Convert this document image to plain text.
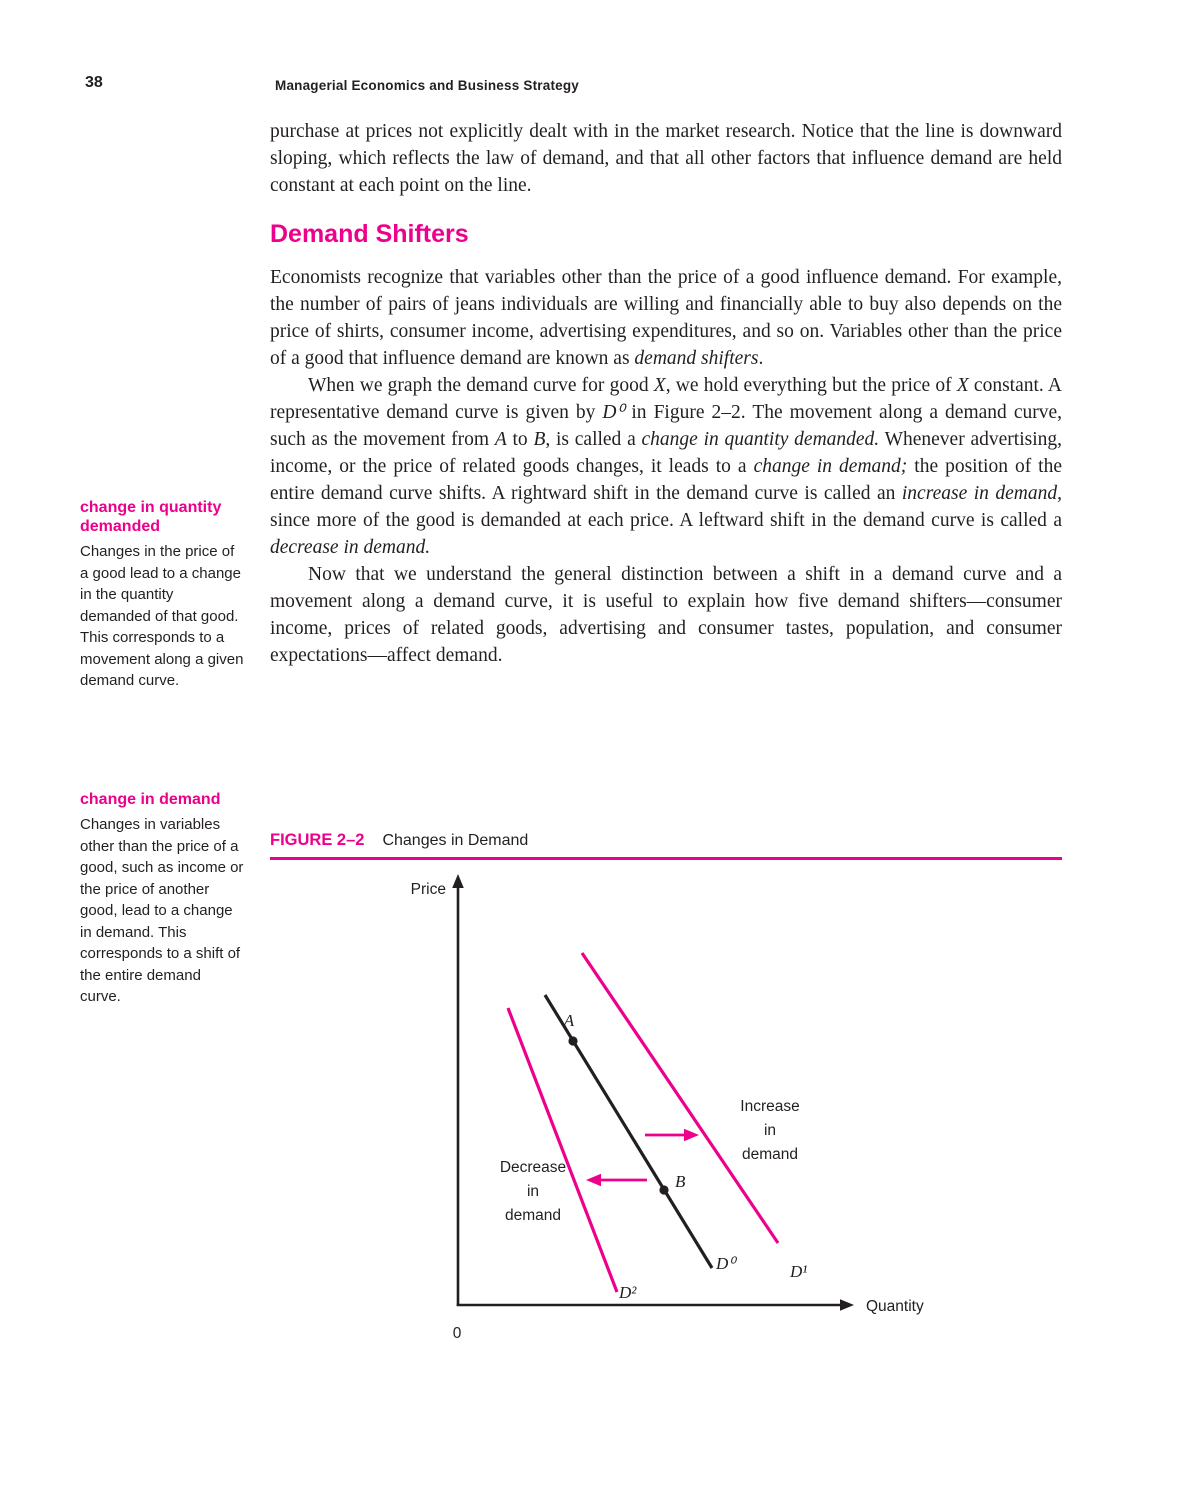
38	Managerial Economics and Business Strategy

purchase at prices not explicitly dealt with in the market research. Notice that the line is downward sloping, which reflects the law of demand, and that all other factors that influence demand are held constant at each point on the line.

Demand Shifters

Economists recognize that variables other than the price of a good influence demand. For example, the number of pairs of jeans individuals are willing and financially able to buy also depends on the price of shirts, consumer income, advertising expenditures, and so on. Variables other than the price of a good that influence demand are known as demand shifters.

When we graph the demand curve for good X, we hold everything but the price of X constant. A representative demand curve is given by D⁰ in Figure 2–2. The movement along a demand curve, such as the movement from A to B, is called a change in quantity demanded. Whenever advertising, income, or the price of related goods changes, it leads to a change in demand; the position of the entire demand curve shifts. A rightward shift in the demand curve is called an increase in demand, since more of the good is demanded at each price. A leftward shift in the demand curve is called a decrease in demand.

Now that we understand the general distinction between a shift in a demand curve and a movement along a demand curve, it is useful to explain how five demand shifters—consumer income, prices of related goods, advertising and consumer tastes, population, and consumer expectations—affect demand.

change in quantity demanded

Changes in the price of a good lead to a change in the quantity demanded of that good. This corresponds to a movement along a given demand curve.

change in demand

Changes in variables other than the price of a good, such as income or the price of another good, lead to a change in demand. This corresponds to a shift of the entire demand curve.

FIGURE 2–2 Changes in Demand
Price
Quantity
0
D²
D⁰	D¹
A
B
Increase
in
demand
Decrease
in
demand
